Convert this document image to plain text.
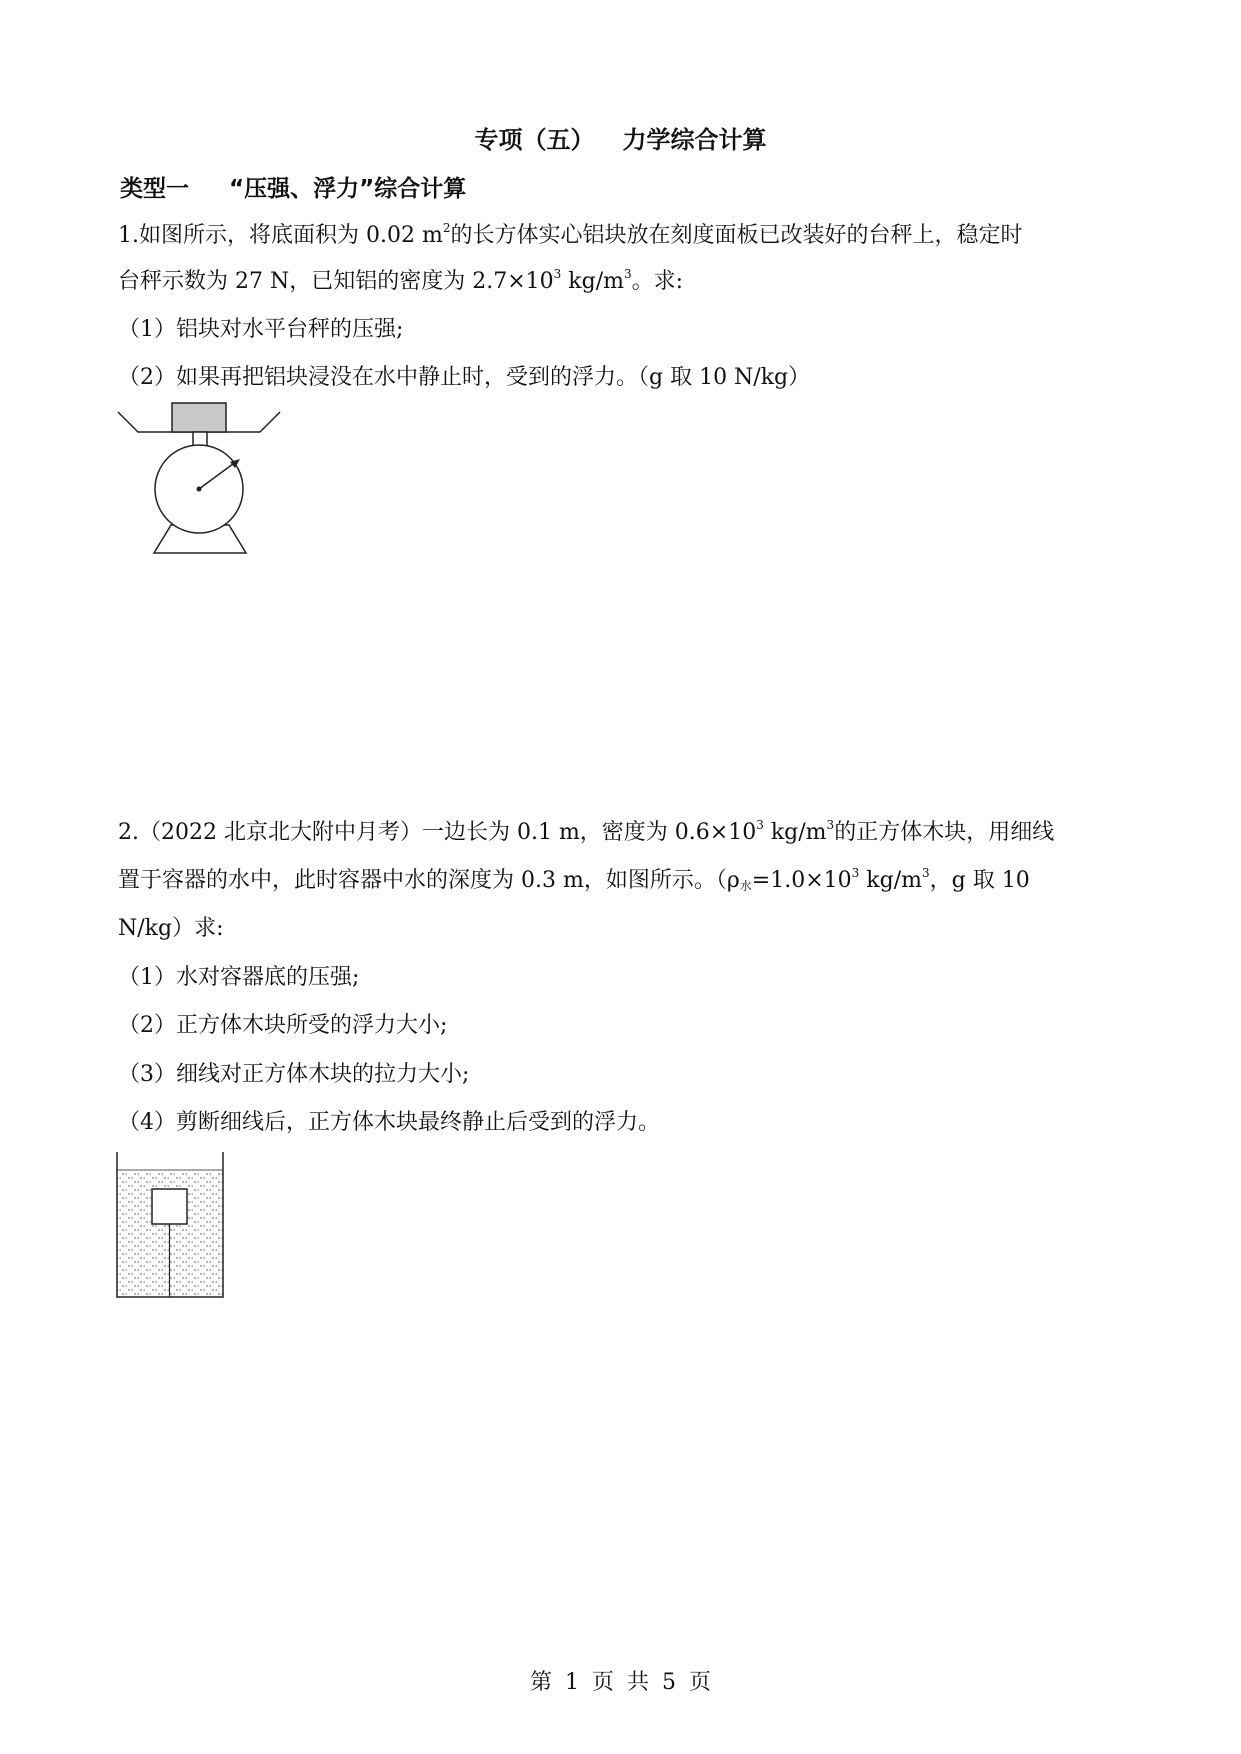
专项（五） 力学综合计算
类型一 “压强、浮力”综合计算
1.如图所示，将底面积为 0.02 $m^2$的长方体实心铝块放在刻度面板已改装好的台秤上，稳定时
台秤示数为 27 N，已知铝的密度为 $2.7\times 10^3$ $kg/m^3$。求:
（1）铝块对水平台秤的压强;
（2）如果再把铝块浸没在水中静止时，受到的浮力。（g 取 10 N/kg）
2.（2022 北京北大附中月考）一边长为 0.1 m，密度为 $0.6\times 10^3$ $kg/m^3$的正方体木块，用细线
置于容器的水中，此时容器中水的深度为 0.3 m，如图所示。（$\rho_水=1.0\times 10^3$ $kg/m^3$，g 取 10
N/kg）求:
（1）水对容器底的压强;
（2）正方体木块所受的浮力大小;
（3）细线对正方体木块的拉力大小;
（4）剪断细线后，正方体木块最终静止后受到的浮力。
第 1 页 共 5 页
